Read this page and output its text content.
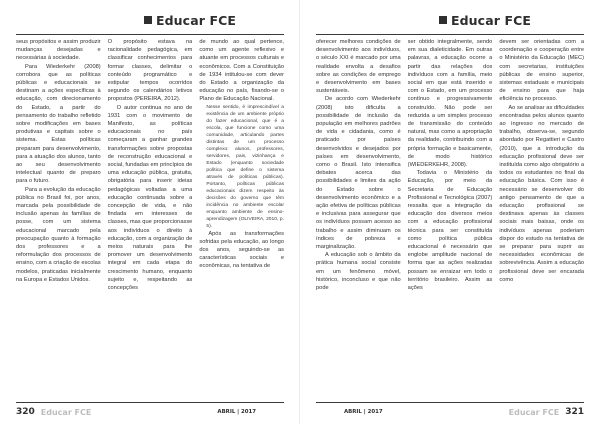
Educar FCE

seus propósitos e assim produzir mudanças desejadas e necessárias à sociedade.

Para Wiederkehr (2008) corrobora que as políticas públicas e educacionais se destinam a ações específicas à educação, com direcionamento do Estado, a partir do pensamento do trabalho refletido sobre modificações em bases produtivas e capitais sobre o sistema. Estas políticas preparam para desenvolvimento, para a atuação dos alunos, tanto ao seu desenvolvimento intelectual quanto de preparo para o futuro.

Para a evolução da educação pública no Brasil foi, por anos, marcada pela possibilidade de inclusão apenas às famílias de posse, com um sistema educacional marcado pela preocupação quanto à formação dos professores e a reformulação dos processos de ensino, com a criação de escolas modelos, praticadas inicialmente na Europa e Estados Unidos.

O propósito estava na racionalidade pedagógica, em classificar conhecimentos para formar classes, delimitar o conteúdo programático e estipular tempos ocorridos segundo os calendários letivos propostos (PEREIRA, 2012).

O autor continua no ano de 1931 com o movimento de Manifesto, as políticas educacionais no país começaram a ganhar grandes transformações sobre propostas de reconstrução educacional e social, fundadas em princípios de uma educação pública, gratuita, obrigatória para inserir ideias pedagógicas voltadas a uma educação continuada sobre a concepção de vida, e não findada em interesses de classes, mas que proporcionasse aos indivíduos o direito à educação, com a organização de meios naturais para lhe promover um desenvolvimento integral em cada etapa do crescimento humano, enquanto sujeito e, respeitando as concepções

de mundo ao qual pertence, como um agente reflexivo e atuante em processos culturais e econômicos. Com a Constituição de 1934 intitulou-se com dever do Estado a organização da educação no país, fixando-se o Plano de Educação Nacional.

Nesse sentido, é imprescindível a existência de um ambiente próprio do fazer educacional, que é a escola, que funcione como uma comunidade, articulando partes distintas de um processo complexo: alunos, professores, servidores, pais, vizinhança e Estado (enquanto sociedade política que define o sistema através de políticas públicas). Portanto, políticas públicas educacionais dizem respeito às decisões do governo que têm incidência no ambiente escolar enquanto ambiente de ensino-aprendizagem (OLIVEIRA, 2010, p. 5).

Após as transformações sofridas pela educação, ao longo dos anos, seguindo-se as características sociais e econômicas, na tentativa de

320 Educar FCE	ABRIL | 2017
Educar FCE

oferecer melhores condições de desenvolvimento aos indivíduos, o século XXI é marcado por uma realidade envolta a desafios sobre as condições de emprego e desenvolvimento em bases sustentáveis.

De acordo com Wiederkehr (2008) isto dificulta a possibilidade de inclusão da população em melhores padrões de vida e cidadania, como é praticado por países desenvolvidos e desejados por países em desenvolvimento, como o Brasil. Isto intensifica debates acerca das possibilidades e limites da ação do Estado sobre o desenvolvimento econômico e a ação efetiva de políticas públicas e inclusivas para assegurar que os indivíduos possam acesso ao trabalho e assim diminuam os índices de pobreza e marginalização.

A educação sob o âmbito da prática humana social consiste em um fenômeno móvel, histórico, inconcluso e que não pode

ser obtido integralmente, sendo em sua dialeticidade. Em outras palavras, a educação ocorre a partir das relações dos indivíduos com a família, meio social em que está inserido e com o Estado, em um processo contínuo e progressivamente construído. Não pode ser reduzida a um simples processo de transmissão do conteúdo natural, mas como a apropriação da realidade, contribuindo com a própria formação e basicamente, de modo histórico (WIEDERKEHR, 2008).

Todavia o Ministério da Educação, por meio da Secretaria de Educação Profissional e Tecnológica (2007) ressalta que a integração da educação dos diversos meios com a educação profissional técnica para ser constituída como política pública educacional é necessário que englobe amplitude nacional de forma que as ações realizadas possam se enraizar em todo o território brasileiro. Assim as ações

devem ser orientadas com a coordenação e cooperação entre o Ministério da Educação (MEC) com secretarias, instituições públicas de ensino superior, sistemas estaduais e municipais de ensino para que haja eficiência no processo.

Ao se analisar as dificuldades encontradas pelos alunos quanto ao ingresso no mercado de trabalho, observa-se, segundo abordado por Regattieri e Castro (2010), que a introdução da educação profissional deve ser instituída como algo obrigatório a todos os estudantes no final da educação básica. Com isso é necessário se desenvolver do antigo pensamento de que a educação profissional se destinava apenas às classes sociais mais baixas, onde os indivíduos apenas poderiam dispor do estudo na tentativa de se preparar para suprir as necessidades econômicas de sobrevivência. Assim a educação profissional deve ser encarada como

ABRIL | 2017	Educar FCE 321
